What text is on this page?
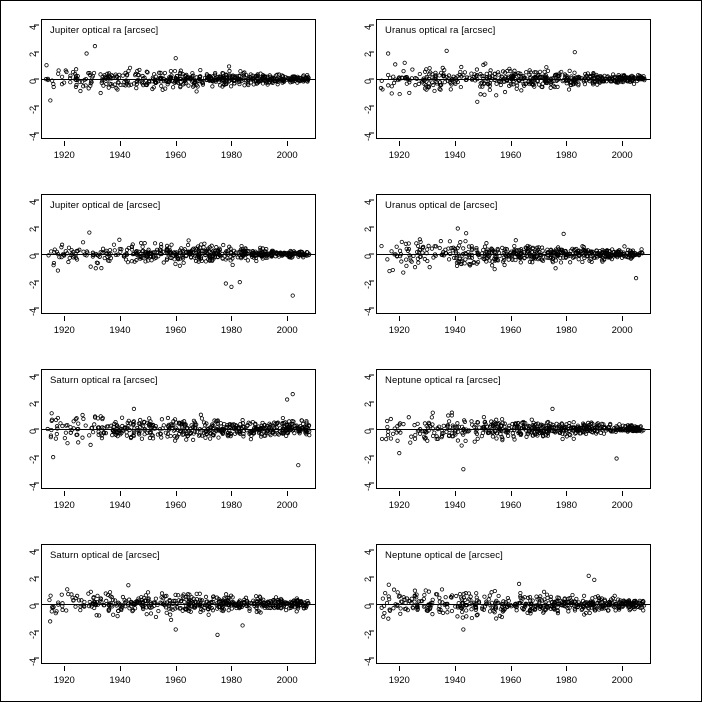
Jupiter optical ra [arcsec]
-4
-2
0
2
4
1920	1940	1960	1980	2000
Uranus optical ra [arcsec]
-4
-2
0
2
4
1920	1940	1960	1980	2000
Jupiter optical de [arcsec]
-4
-2
0
2
4
1920	1940	1960	1980	2000
Uranus optical de [arcsec]
-4
-2
0
2
4
1920	1940	1960	1980	2000
Saturn optical ra [arcsec]
-4
-2
0
2
4
1920	1940	1960	1980	2000
Neptune optical ra [arcsec]
-4
-2
0
2
4
1920	1940	1960	1980	2000
Saturn optical de [arcsec]
-4
-2
0
2
4
1920	1940	1960	1980	2000
Neptune optical de [arcsec]
-4
-2
0
2
4
1920	1940	1960	1980	2000
